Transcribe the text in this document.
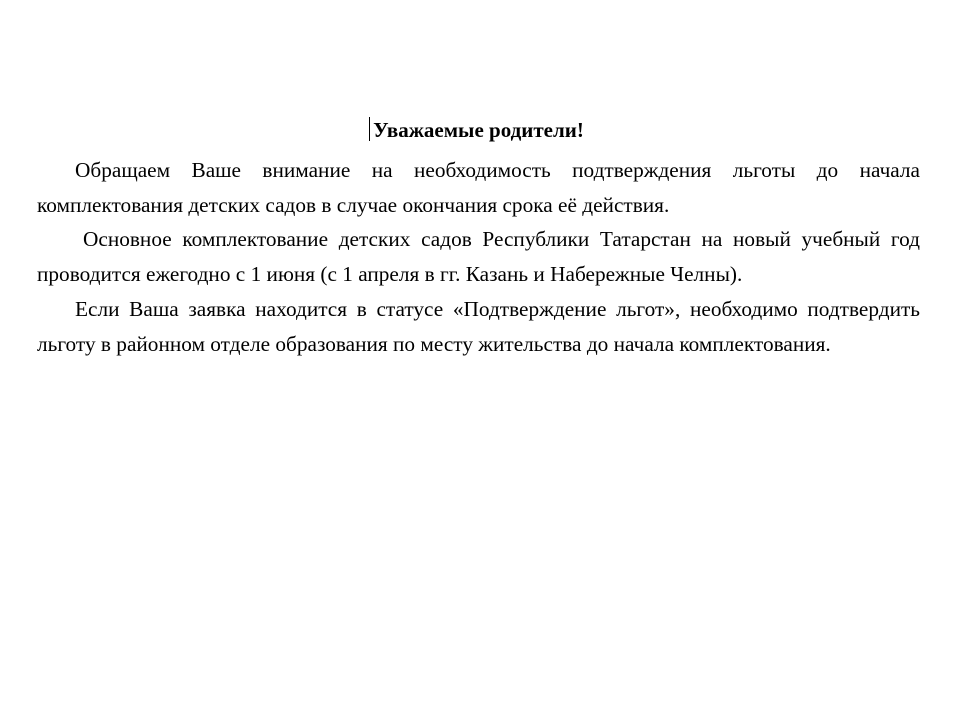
Уважаемые родители!

Обращаем Ваше внимание на необходимость подтверждения льготы до начала комплектования детских садов в случае окончания срока её действия.

Основное комплектование детских садов Республики Татарстан на новый учебный год проводится ежегодно с 1 июня (с 1 апреля в гг. Казань и Набережные Челны).

Если Ваша заявка находится в статусе «Подтверждение льгот», необходимо подтвердить льготу в районном отделе образования по месту жительства до начала комплектования.
